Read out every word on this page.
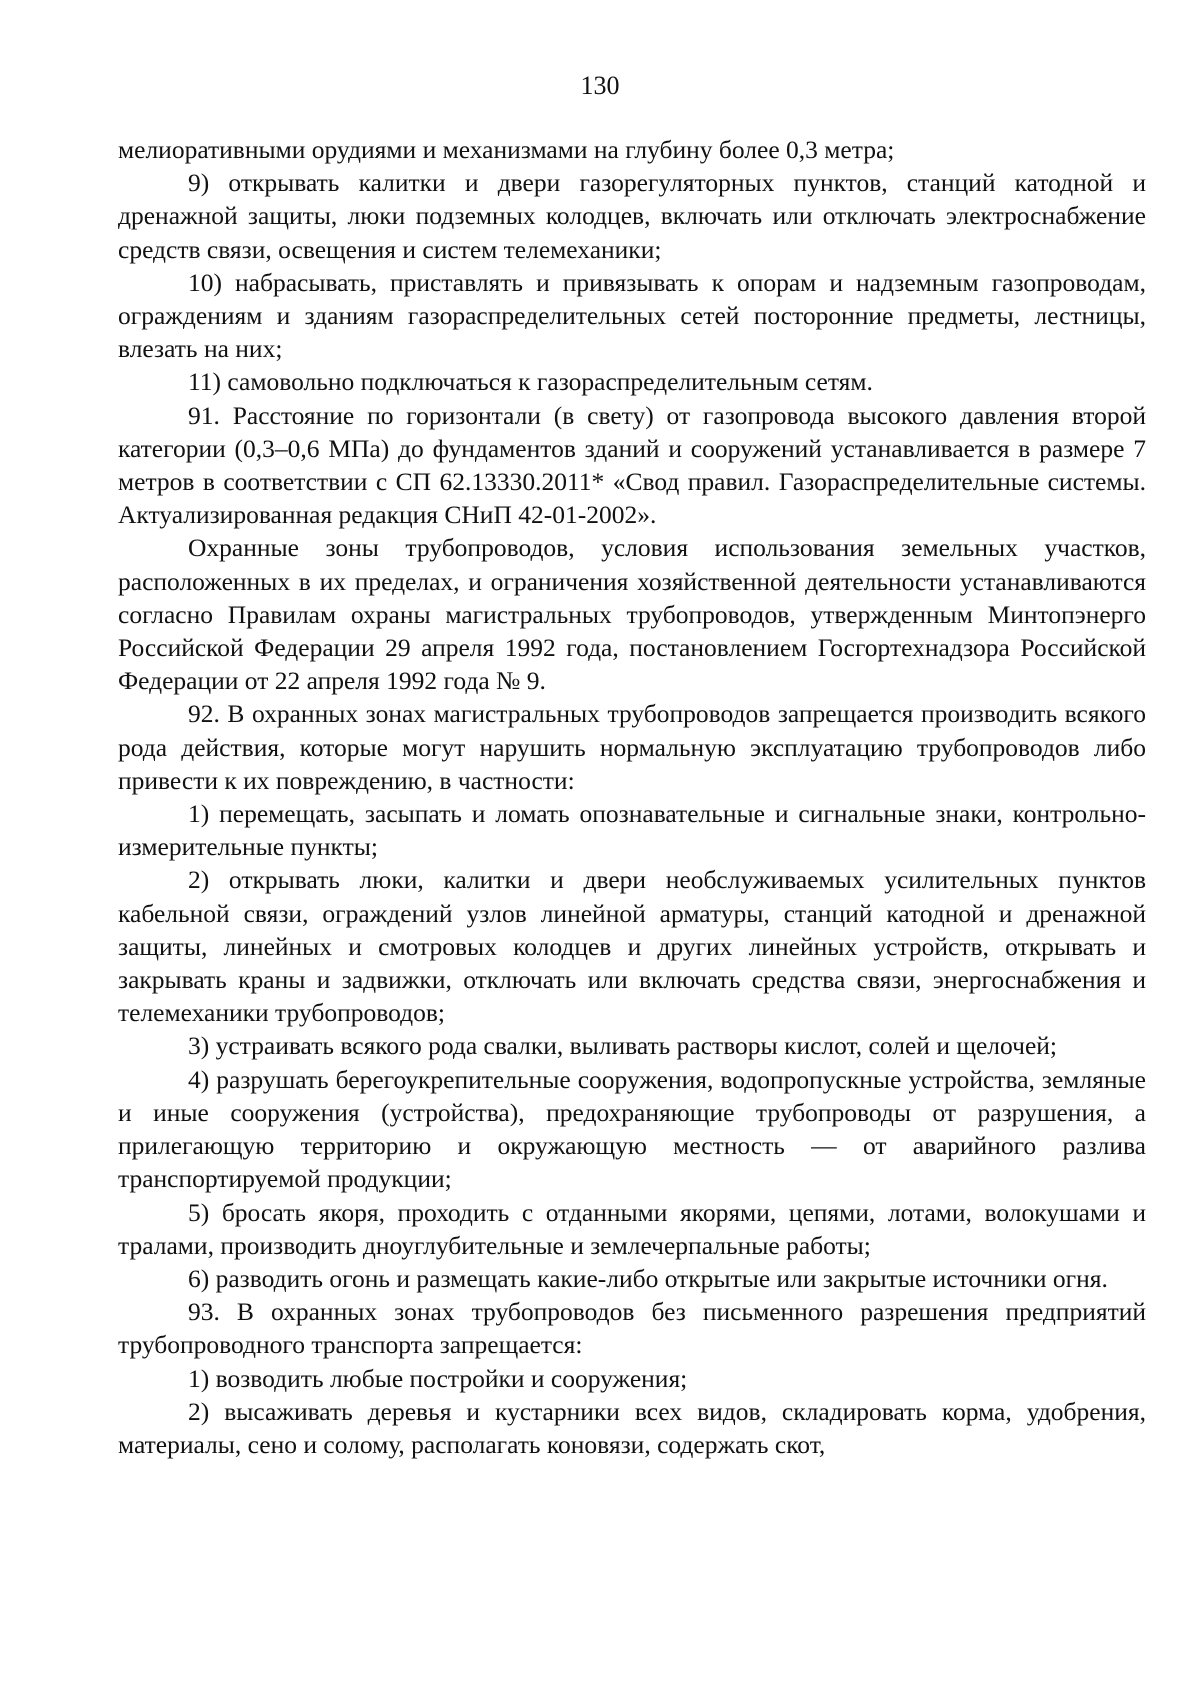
130

мелиоративными орудиями и механизмами на глубину более 0,3 метра;

9) открывать калитки и двери газорегуляторных пунктов, станций катодной и дренажной защиты, люки подземных колодцев, включать или отключать электроснабжение средств связи, освещения и систем телемеханики;

10) набрасывать, приставлять и привязывать к опорам и надземным газопроводам, ограждениям и зданиям газораспределительных сетей посторонние предметы, лестницы, влезать на них;

11) самовольно подключаться к газораспределительным сетям.

91. Расстояние по горизонтали (в свету) от газопровода высокого давления второй категории (0,3–0,6 МПа) до фундаментов зданий и сооружений устанавливается в размере 7 метров в соответствии с СП 62.13330.2011* «Свод правил. Газораспределительные системы. Актуализированная редакция СНиП 42-01-2002».

Охранные зоны трубопроводов, условия использования земельных участков, расположенных в их пределах, и ограничения хозяйственной деятельности устанавливаются согласно Правилам охраны магистральных трубопроводов, утвержденным Минтопэнерго Российской Федерации 29 апреля 1992 года, постановлением Госгортехнадзора Российской Федерации от 22 апреля 1992 года № 9.

92. В охранных зонах магистральных трубопроводов запрещается производить всякого рода действия, которые могут нарушить нормальную эксплуатацию трубопроводов либо привести к их повреждению, в частности:

1) перемещать, засыпать и ломать опознавательные и сигнальные знаки, контрольно-измерительные пункты;

2) открывать люки, калитки и двери необслуживаемых усилительных пунктов кабельной связи, ограждений узлов линейной арматуры, станций катодной и дренажной защиты, линейных и смотровых колодцев и других линейных устройств, открывать и закрывать краны и задвижки, отключать или включать средства связи, энергоснабжения и телемеханики трубопроводов;

3) устраивать всякого рода свалки, выливать растворы кислот, солей и щелочей;

4) разрушать берегоукрепительные сооружения, водопропускные устройства, земляные и иные сооружения (устройства), предохраняющие трубопроводы от разрушения, а прилегающую территорию и окружающую местность — от аварийного разлива транспортируемой продукции;

5) бросать якоря, проходить с отданными якорями, цепями, лотами, волокушами и тралами, производить дноуглубительные и землечерпальные работы;

6) разводить огонь и размещать какие-либо открытые или закрытые источники огня.

93. В охранных зонах трубопроводов без письменного разрешения предприятий трубопроводного транспорта запрещается:

1) возводить любые постройки и сооружения;

2) высаживать деревья и кустарники всех видов, складировать корма, удобрения, материалы, сено и солому, располагать коновязи, содержать скот,
